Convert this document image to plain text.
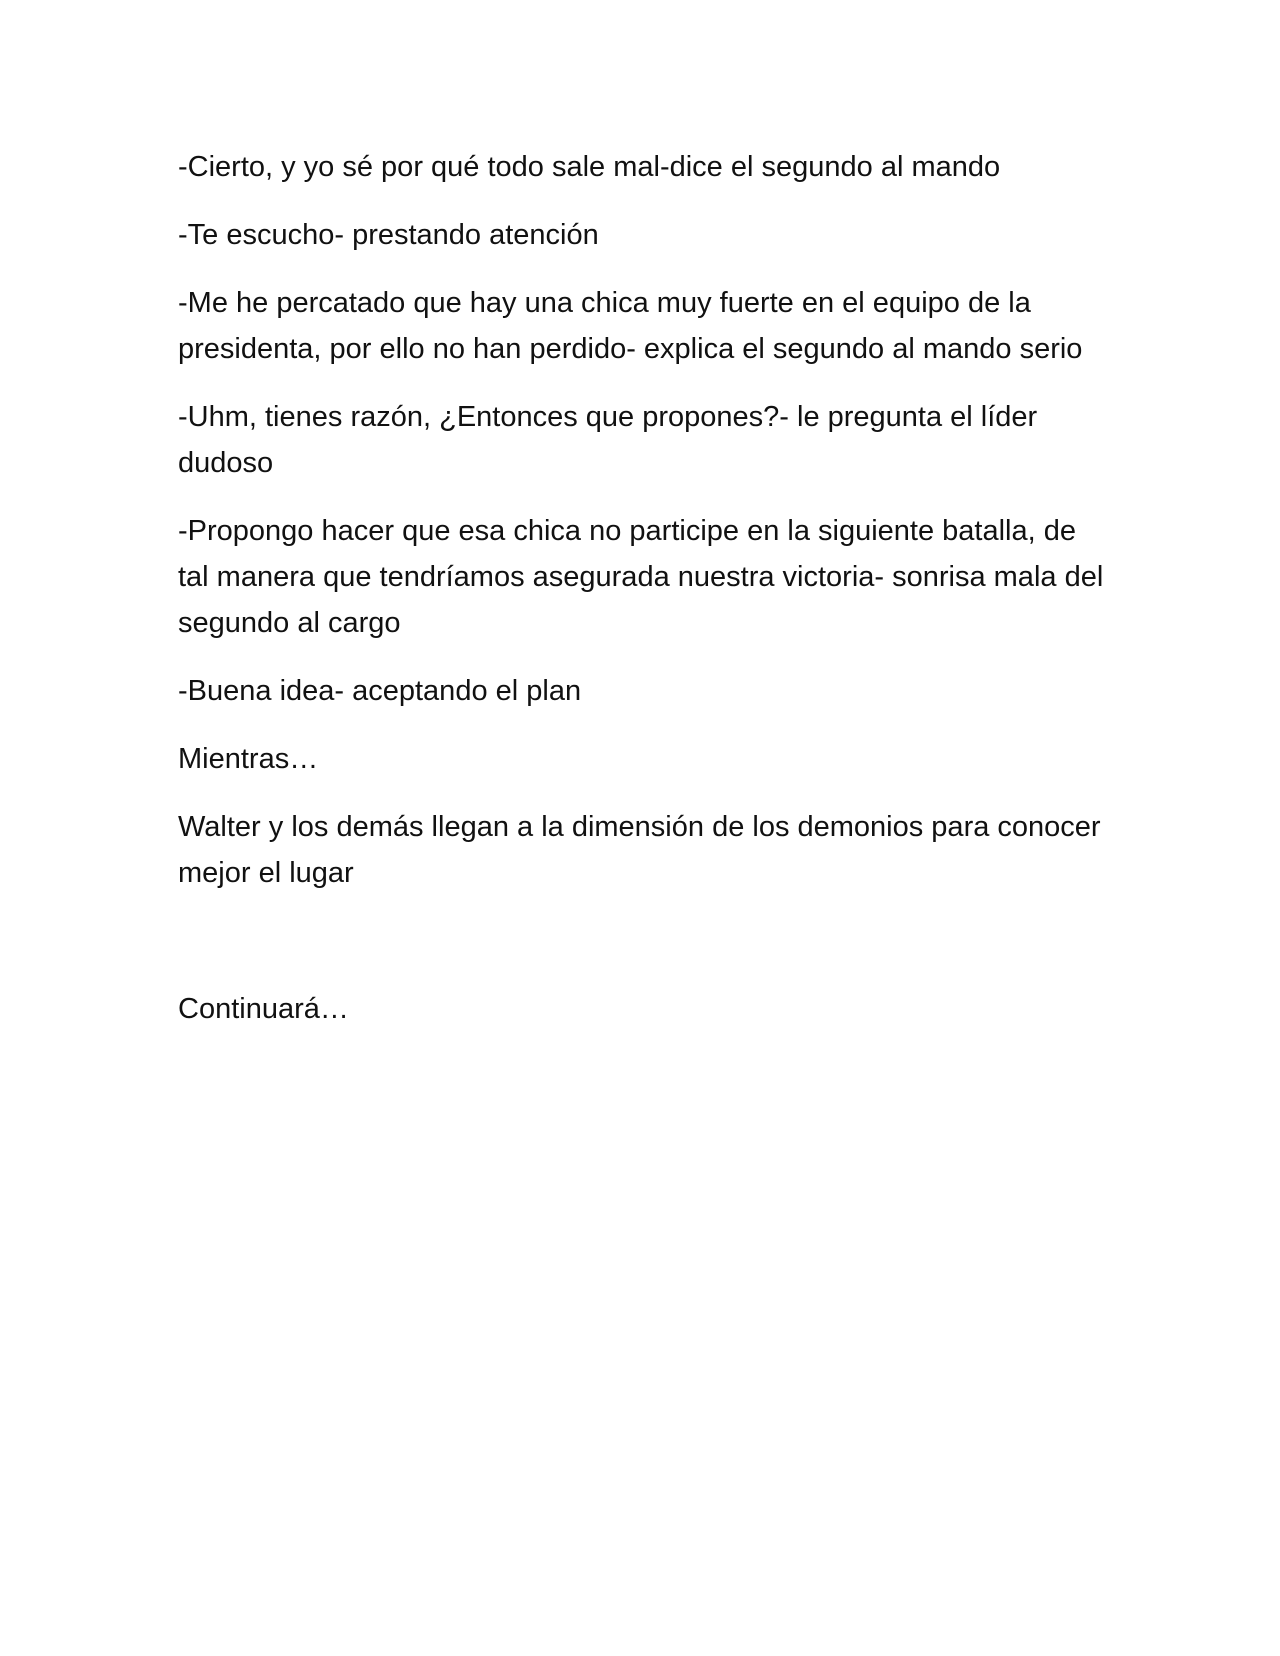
-Cierto, y yo sé por qué todo sale mal-dice el segundo al mando

-Te escucho- prestando atención

-Me he percatado que hay una chica muy fuerte en el equipo de la presidenta, por ello no han perdido- explica el segundo al mando serio

-Uhm, tienes razón, ¿Entonces que propones?- le pregunta el líder dudoso

-Propongo hacer que esa chica no participe en la siguiente batalla, de tal manera que tendríamos asegurada nuestra victoria- sonrisa mala del segundo al cargo

-Buena idea- aceptando el plan

Mientras…

Walter y los demás llegan a la dimensión de los demonios para conocer mejor el lugar

Continuará…
